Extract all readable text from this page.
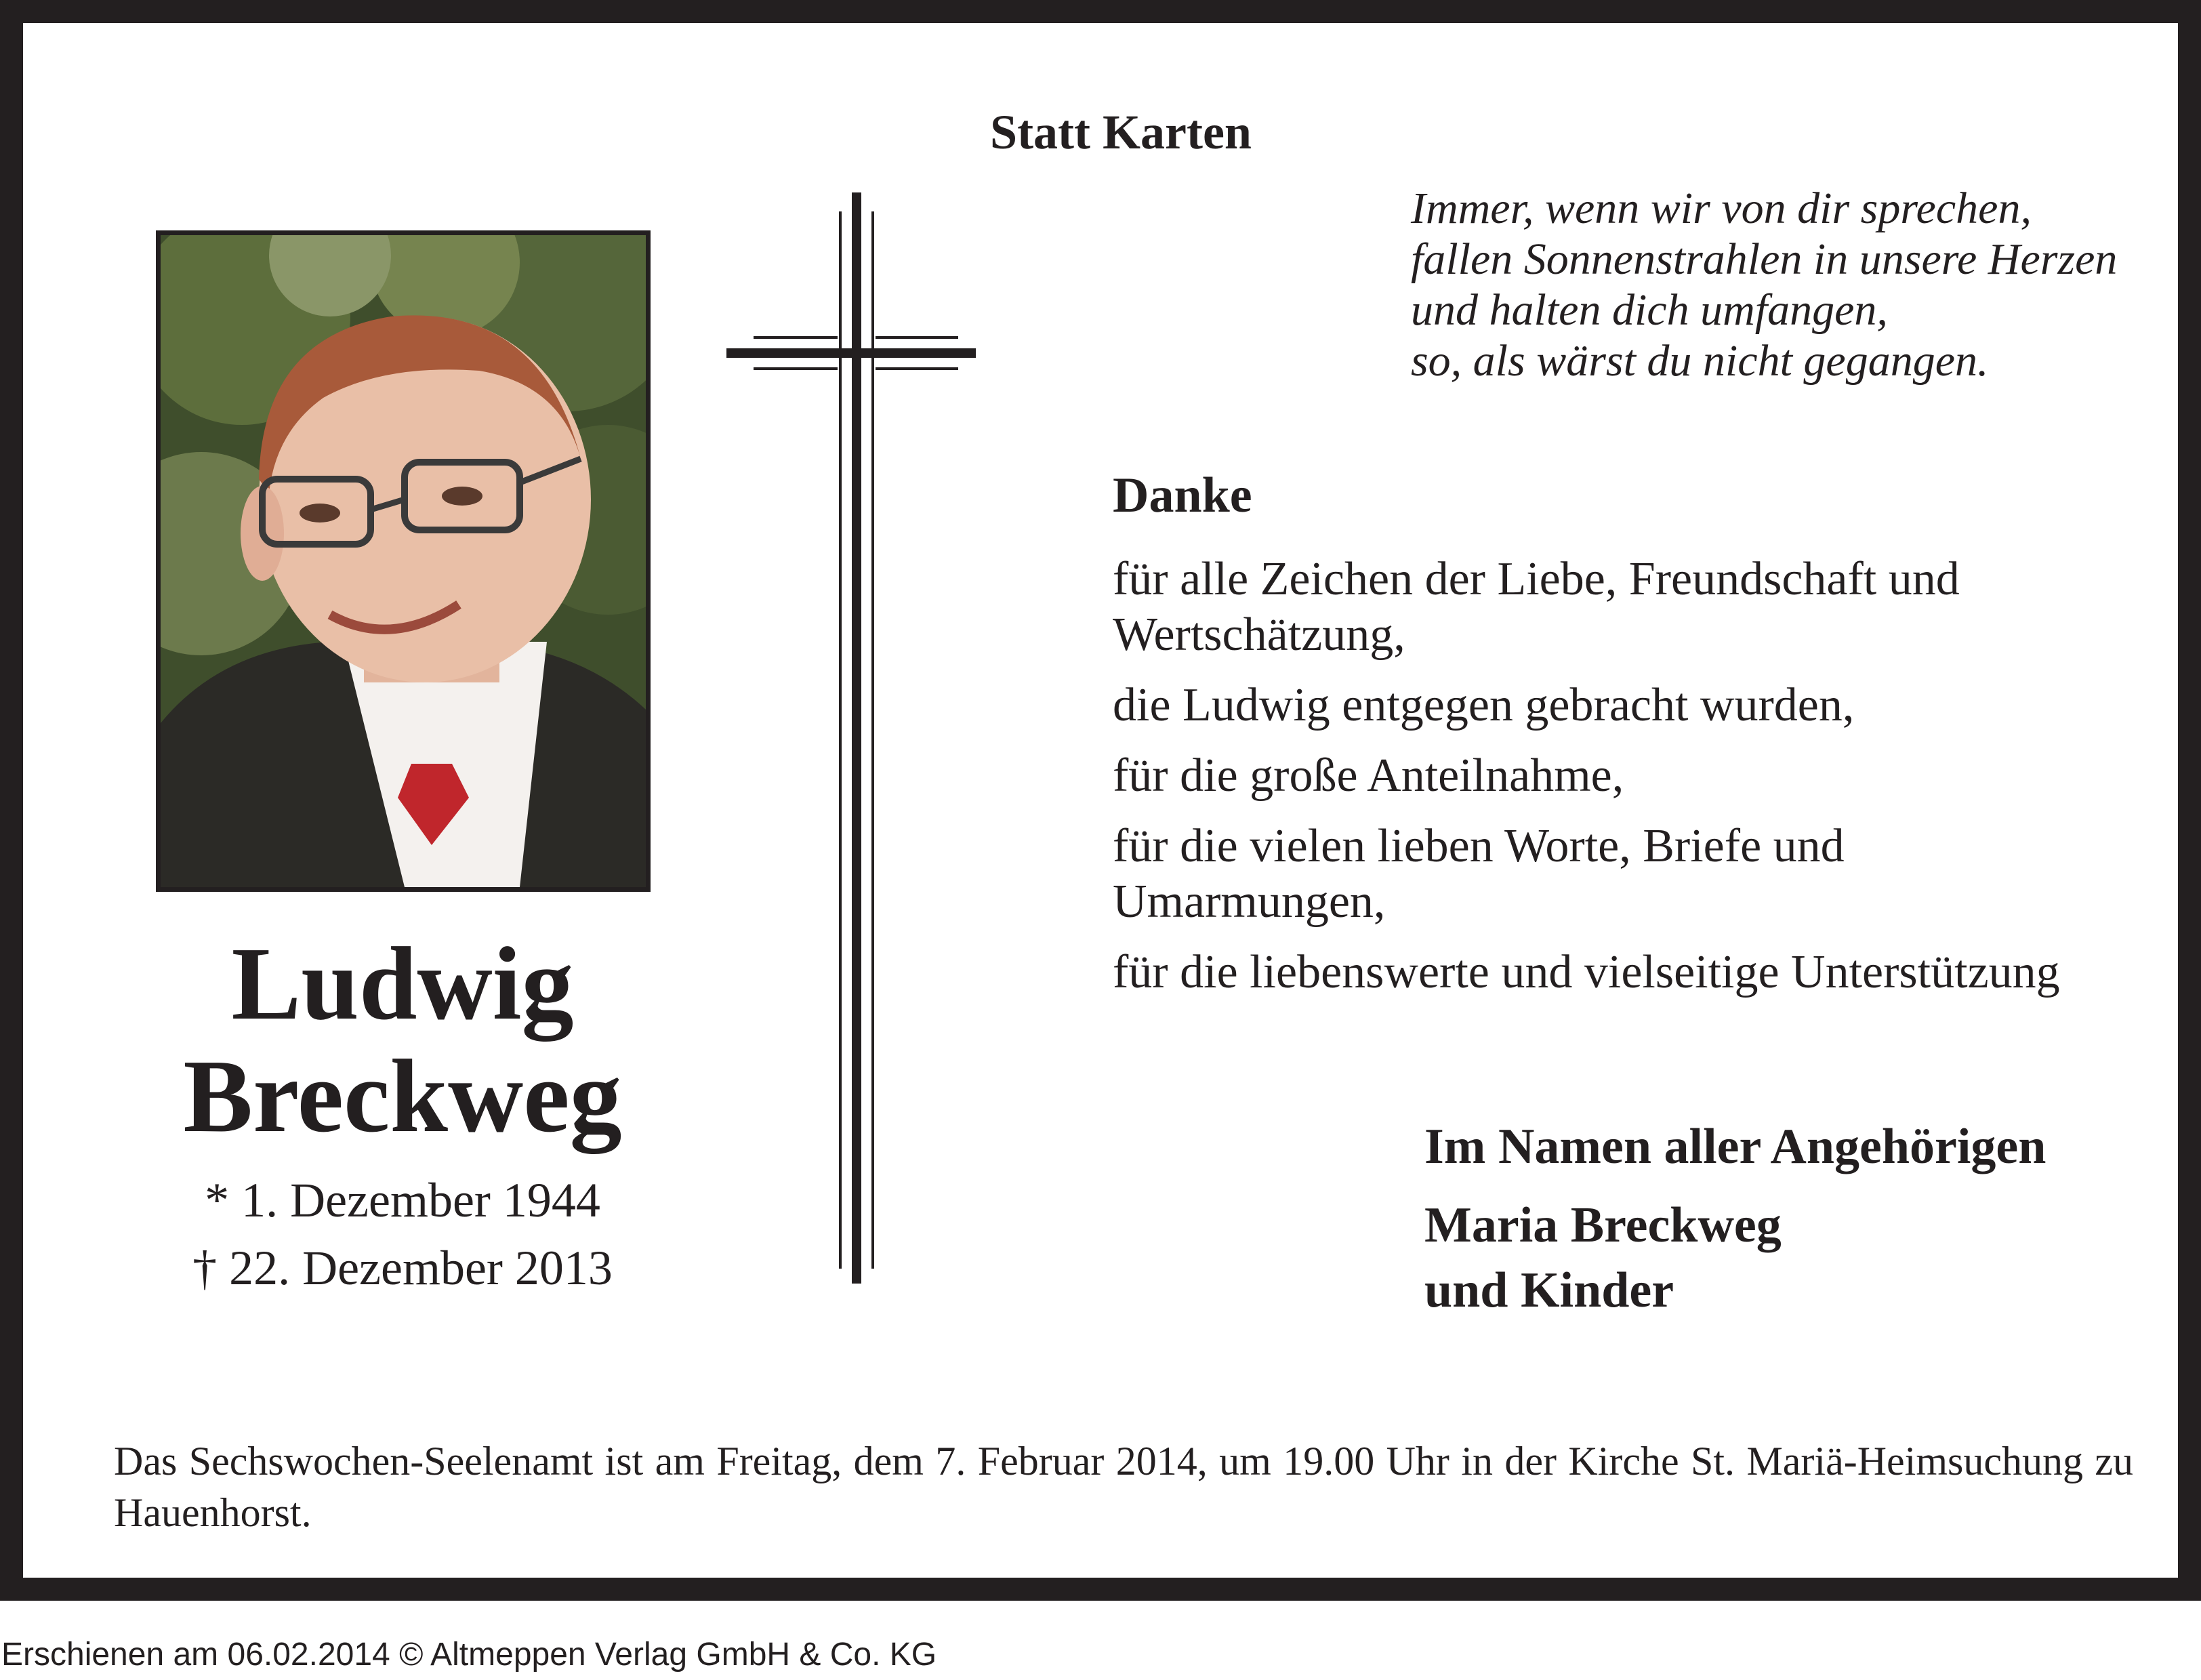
Statt Karten
Ludwig
Breckweg
* 1. Dezember 1944
† 22. Dezember 2013
Immer, wenn wir von dir sprechen,
fallen Sonnenstrahlen in unsere Herzen
und halten dich umfangen,
so, als wärst du nicht gegangen.
Danke
für alle Zeichen der Liebe, Freundschaft und
Wertschätzung,
die Ludwig entgegen gebracht wurden,
für die große Anteilnahme,
für die vielen lieben Worte, Briefe und
Umarmungen,
für die liebenswerte und vielseitige Unterstützung
Im Namen aller Angehörigen
Maria Breckweg
und Kinder
Das Sechswochen-Seelenamt ist am Freitag, dem 7. Februar 2014, um 19.00 Uhr in der Kirche St. Mariä-Heimsuchung zu Hauenhorst.
Erschienen am 06.02.2014 © Altmeppen Verlag GmbH & Co. KG
